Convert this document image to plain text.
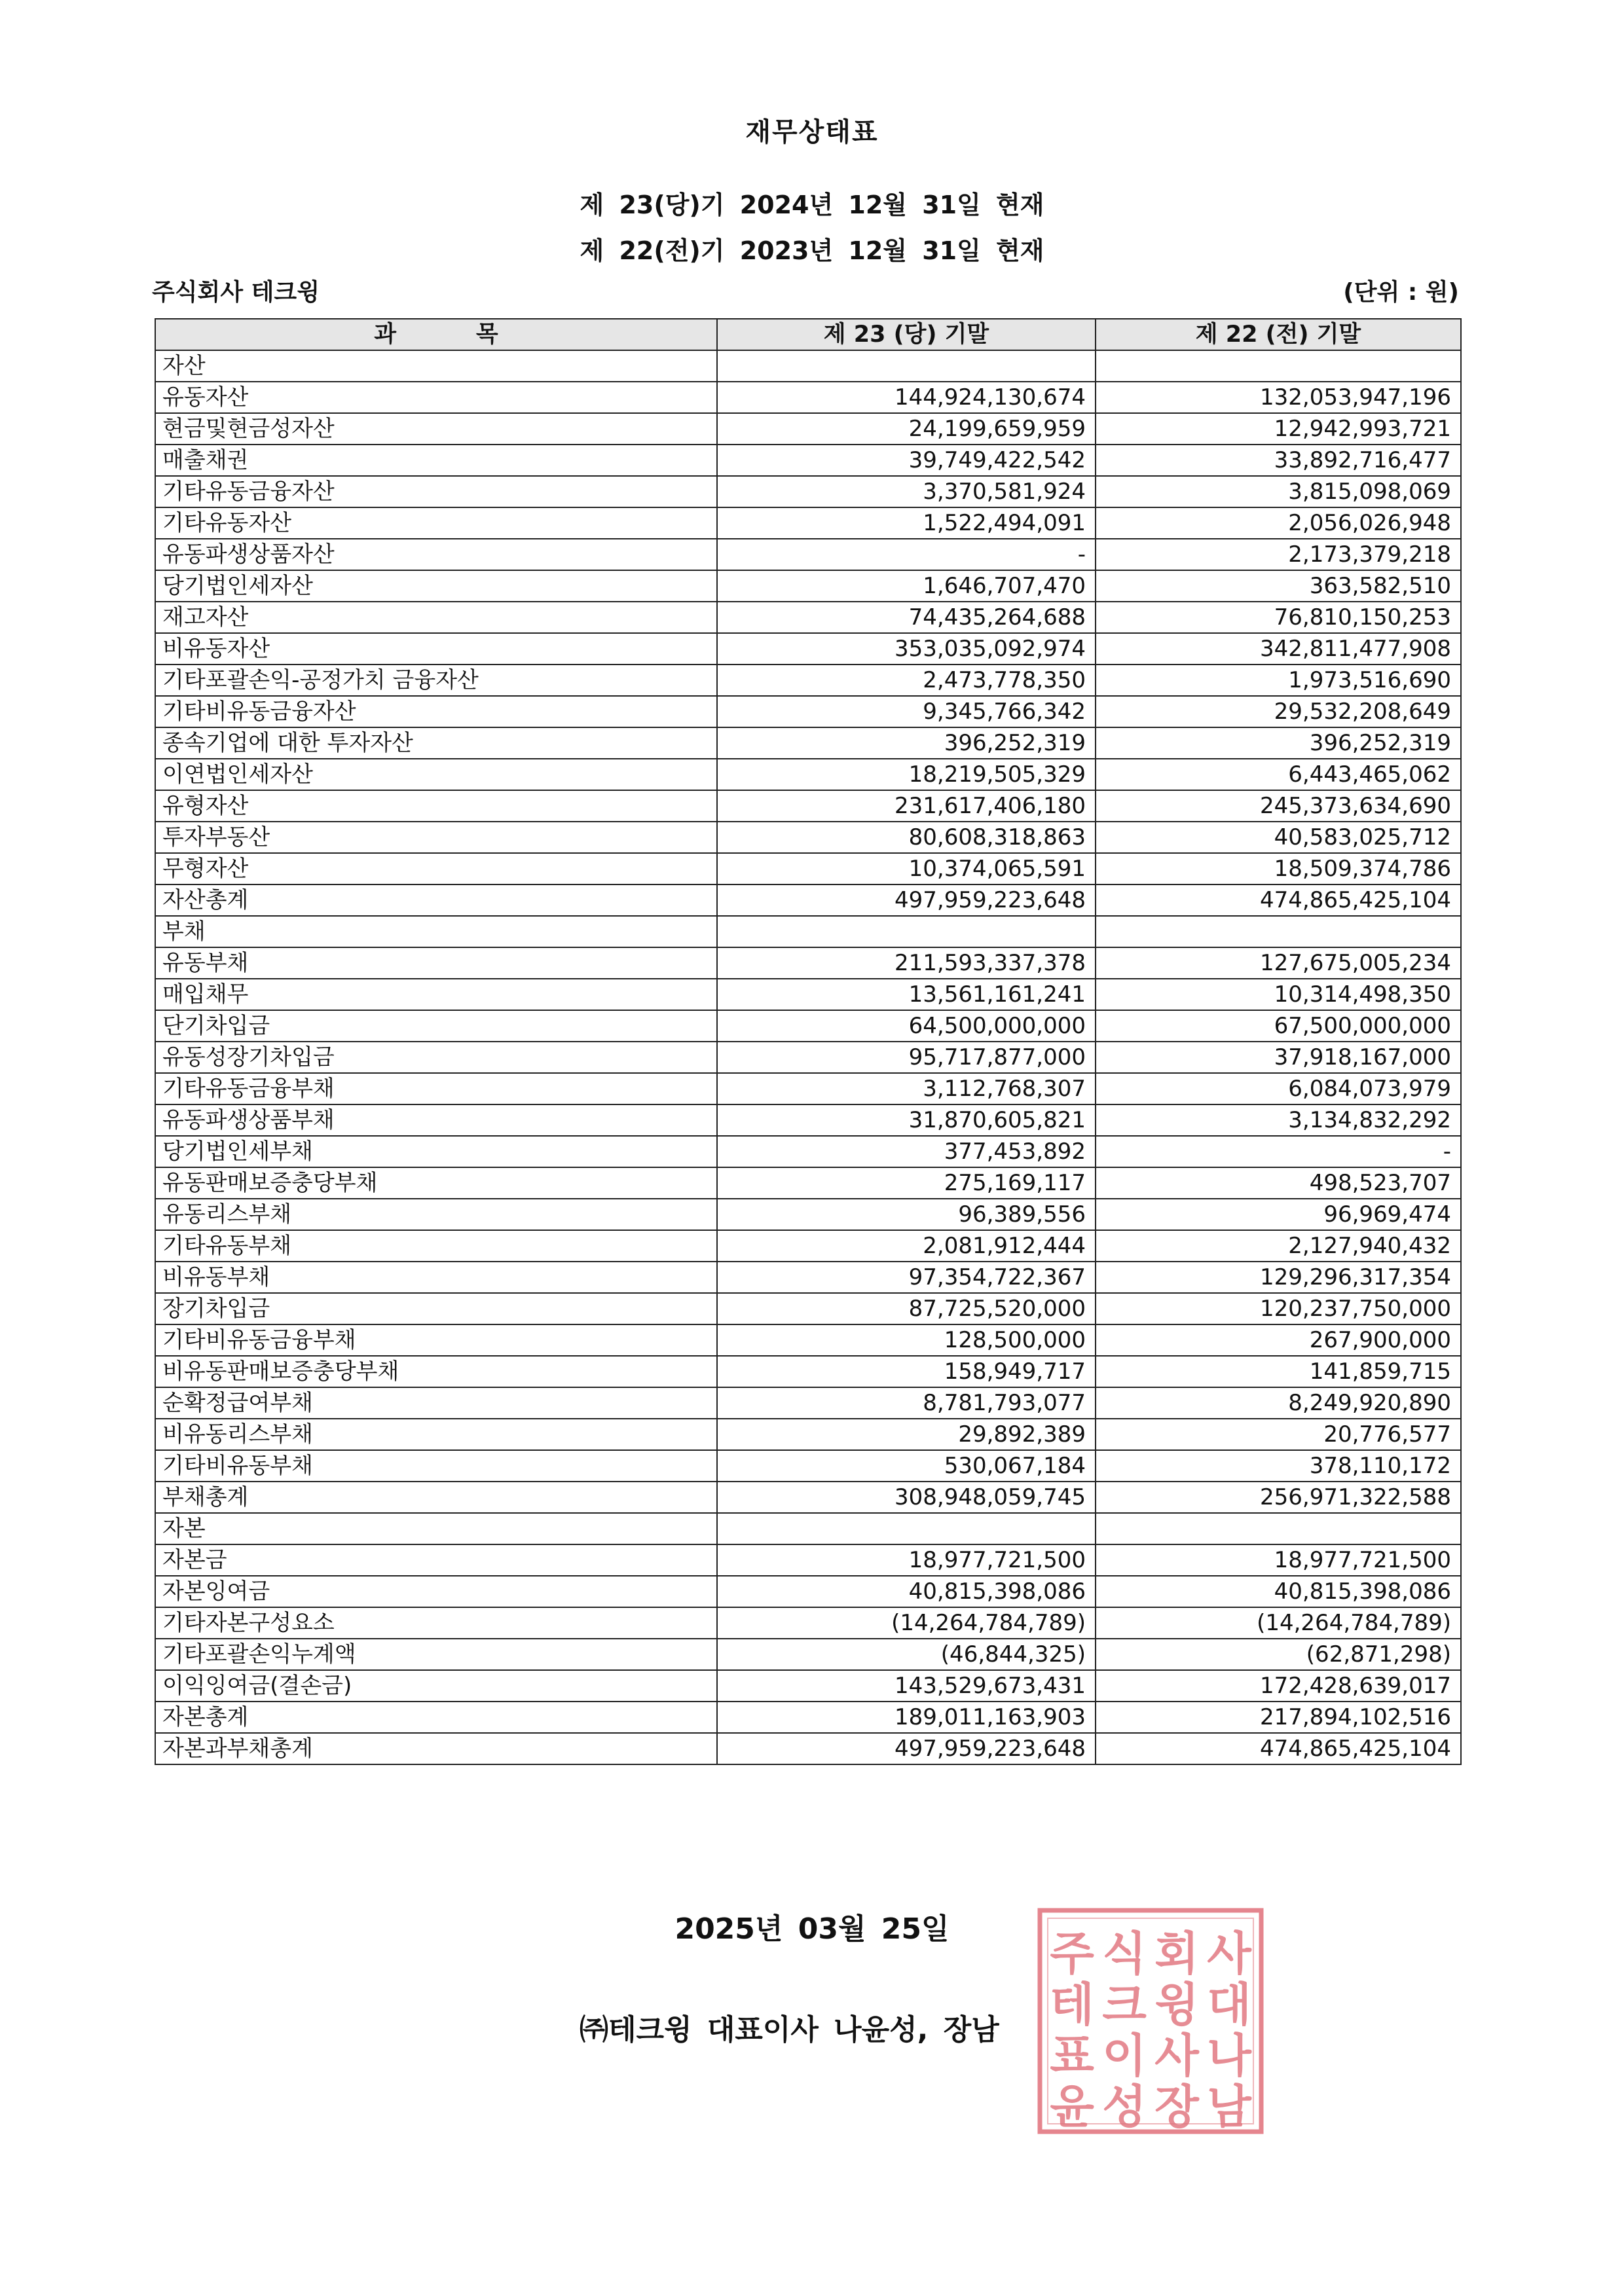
재무상태표
제 23(당)기 2024년 12월 31일 현재
제 22(전)기 2023년 12월 31일 현재
주식회사 테크윙	(단위 : 원)
과          목	제 23 (당) 기말	제 22 (전) 기말
자산		
유동자산	144,924,130,674	132,053,947,196
현금및현금성자산	24,199,659,959	12,942,993,721
매출채권	39,749,422,542	33,892,716,477
기타유동금융자산	3,370,581,924	3,815,098,069
기타유동자산	1,522,494,091	2,056,026,948
유동파생상품자산	-	2,173,379,218
당기법인세자산	1,646,707,470	363,582,510
재고자산	74,435,264,688	76,810,150,253
비유동자산	353,035,092,974	342,811,477,908
기타포괄손익-공정가치 금융자산	2,473,778,350	1,973,516,690
기타비유동금융자산	9,345,766,342	29,532,208,649
종속기업에 대한 투자자산	396,252,319	396,252,319
이연법인세자산	18,219,505,329	6,443,465,062
유형자산	231,617,406,180	245,373,634,690
투자부동산	80,608,318,863	40,583,025,712
무형자산	10,374,065,591	18,509,374,786
자산총계	497,959,223,648	474,865,425,104
부채		
유동부채	211,593,337,378	127,675,005,234
매입채무	13,561,161,241	10,314,498,350
단기차입금	64,500,000,000	67,500,000,000
유동성장기차입금	95,717,877,000	37,918,167,000
기타유동금융부채	3,112,768,307	6,084,073,979
유동파생상품부채	31,870,605,821	3,134,832,292
당기법인세부채	377,453,892	-
유동판매보증충당부채	275,169,117	498,523,707
유동리스부채	96,389,556	96,969,474
기타유동부채	2,081,912,444	2,127,940,432
비유동부채	97,354,722,367	129,296,317,354
장기차입금	87,725,520,000	120,237,750,000
기타비유동금융부채	128,500,000	267,900,000
비유동판매보증충당부채	158,949,717	141,859,715
순확정급여부채	8,781,793,077	8,249,920,890
비유동리스부채	29,892,389	20,776,577
기타비유동부채	530,067,184	378,110,172
부채총계	308,948,059,745	256,971,322,588
자본		
자본금	18,977,721,500	18,977,721,500
자본잉여금	40,815,398,086	40,815,398,086
기타자본구성요소	(14,264,784,789)	(14,264,784,789)
기타포괄손익누계액	(46,844,325)	(62,871,298)
이익잉여금(결손금)	143,529,673,431	172,428,639,017
자본총계	189,011,163,903	217,894,102,516
자본과부채총계	497,959,223,648	474,865,425,104
2025년 03월 25일
㈜테크윙 대표이사 나윤성, 장남
주 식 회 사
테 크 윙 대
표 이 사 나
윤 성 장 남
